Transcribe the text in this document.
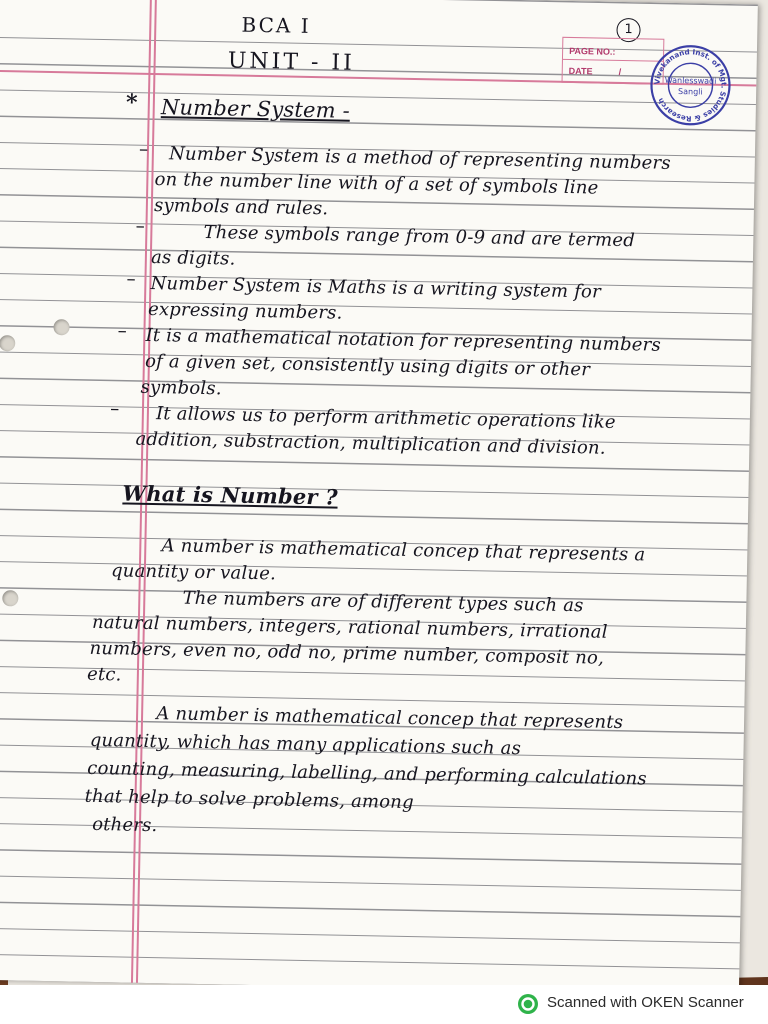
BCA I
UNIT - II
1
PAGE NO.:
DATE	/
Vivekanand Inst. of Mgt. Studies & Research
Wanlesswadi
Sangli
* Number System -
– Number System is a method of representing numbers
on the number line with of a set of symbols line
symbols and rules.
–	These symbols range from 0-9 and are termed
as digits.
– Number System is Maths is a writing system for
expressing numbers.
– It is a mathematical notation for representing numbers
of a given set, consistently using digits or other
symbols.
– It allows us to perform arithmetic operations like
addition, substraction, multiplication and division.
What is Number ?
A number is mathematical concep that represents a
quantity or value.
The numbers are of different types such as
natural numbers, integers, rational numbers, irrational
numbers, even no, odd no, prime number, composit no,
etc.
A number is mathematical concep that represents
quantity, which has many applications such as
counting, measuring, labelling, and performing calculations
that help to solve problems, among
others.
Scanned with OKEN Scanner
